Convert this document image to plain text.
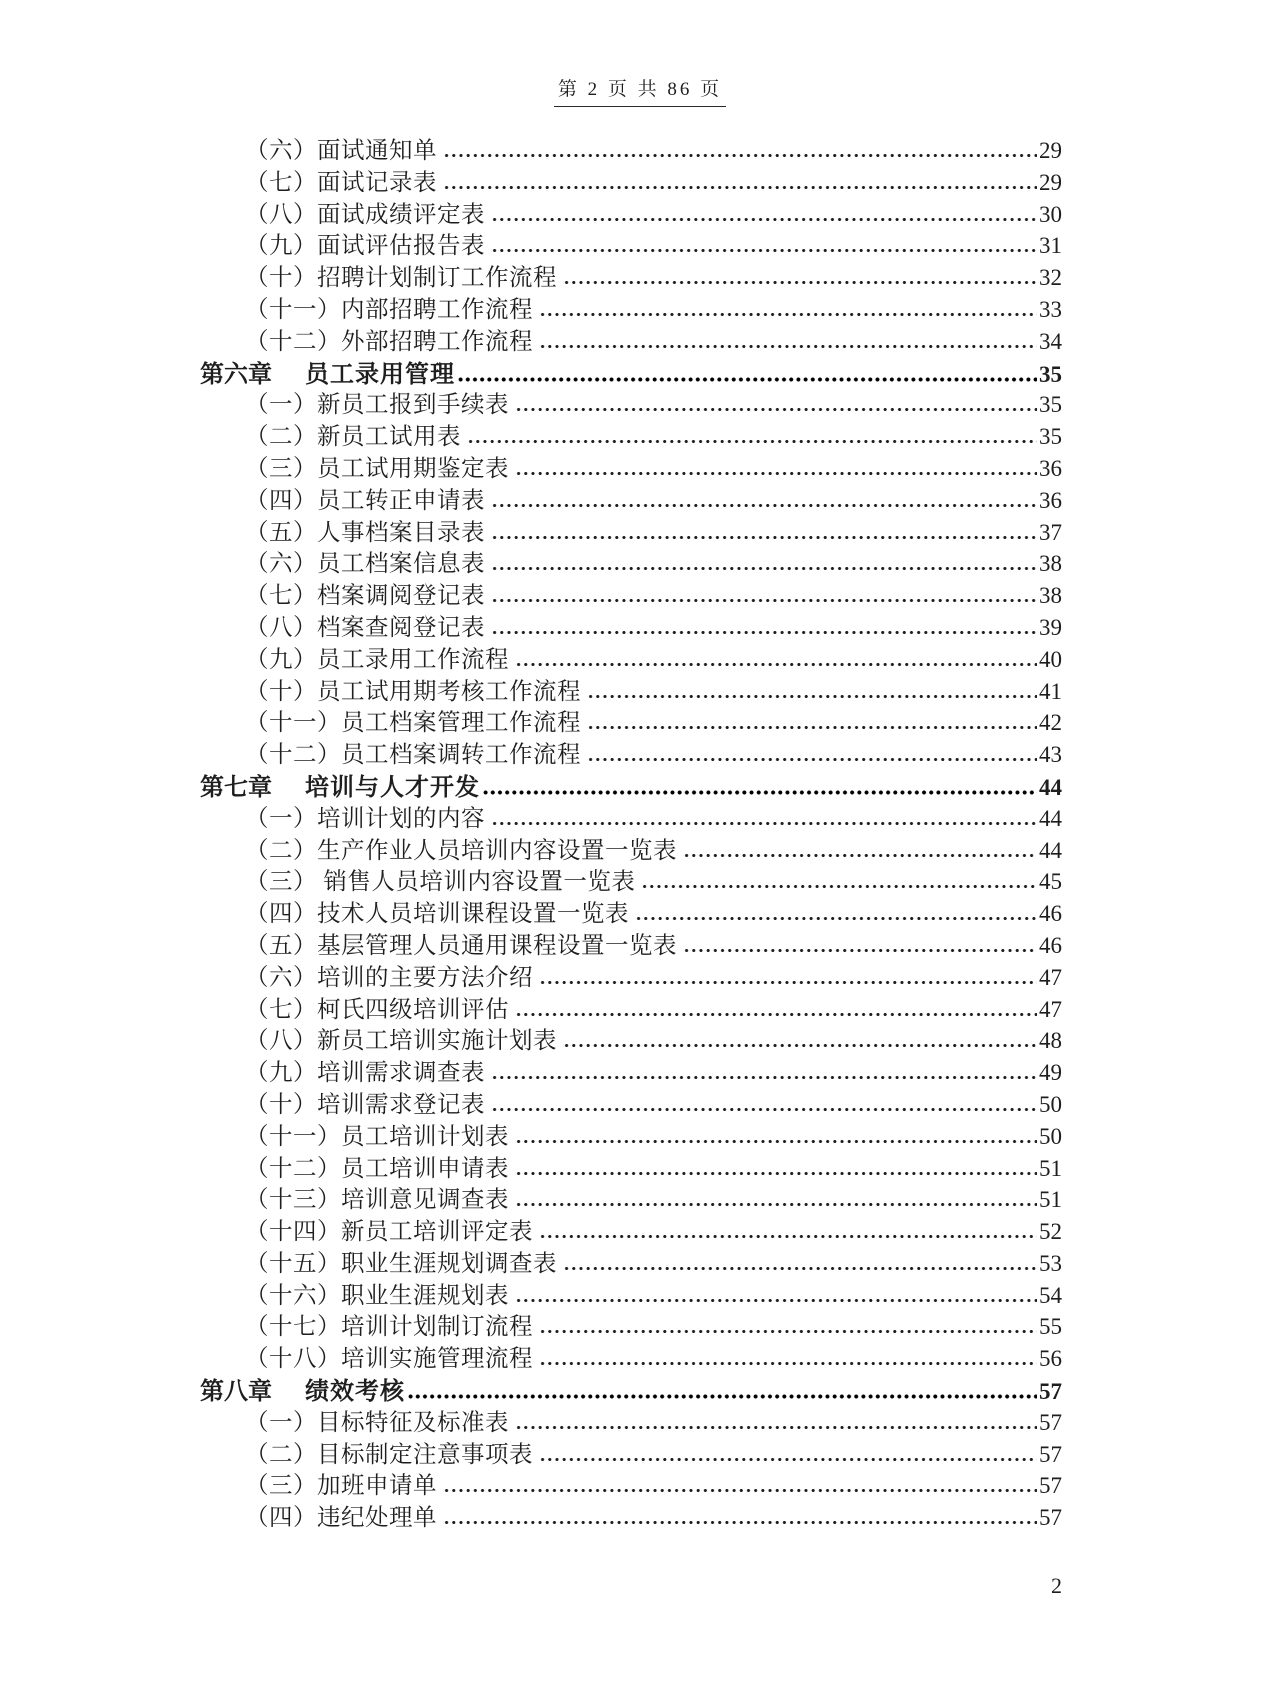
第 2 页 共 86 页
（六）面试通知单	29
（七）面试记录表	29
（八）面试成绩评定表	30
（九）面试评估报告表	31
（十）招聘计划制订工作流程	32
（十一）内部招聘工作流程	33
（十二）外部招聘工作流程	34
第六章	员工录用管理	35
（一）新员工报到手续表	35
（二）新员工试用表	35
（三）员工试用期鉴定表	36
（四）员工转正申请表	36
（五）人事档案目录表	37
（六）员工档案信息表	38
（七）档案调阅登记表	38
（八）档案查阅登记表	39
（九）员工录用工作流程	40
（十）员工试用期考核工作流程	41
（十一）员工档案管理工作流程	42
（十二）员工档案调转工作流程	43
第七章	培训与人才开发	44
（一）培训计划的内容	44
（二）生产作业人员培训内容设置一览表	44
（三） 销售人员培训内容设置一览表	45
（四）技术人员培训课程设置一览表	46
（五）基层管理人员通用课程设置一览表	46
（六）培训的主要方法介绍	47
（七）柯氏四级培训评估	47
（八）新员工培训实施计划表	48
（九）培训需求调查表	49
（十）培训需求登记表	50
（十一）员工培训计划表	50
（十二）员工培训申请表	51
（十三）培训意见调查表	51
（十四）新员工培训评定表	52
（十五）职业生涯规划调查表	53
（十六）职业生涯规划表	54
（十七）培训计划制订流程	55
（十八）培训实施管理流程	56
第八章	绩效考核	57
（一）目标特征及标准表	57
（二）目标制定注意事项表	57
（三）加班申请单	57
（四）违纪处理单	57
2
